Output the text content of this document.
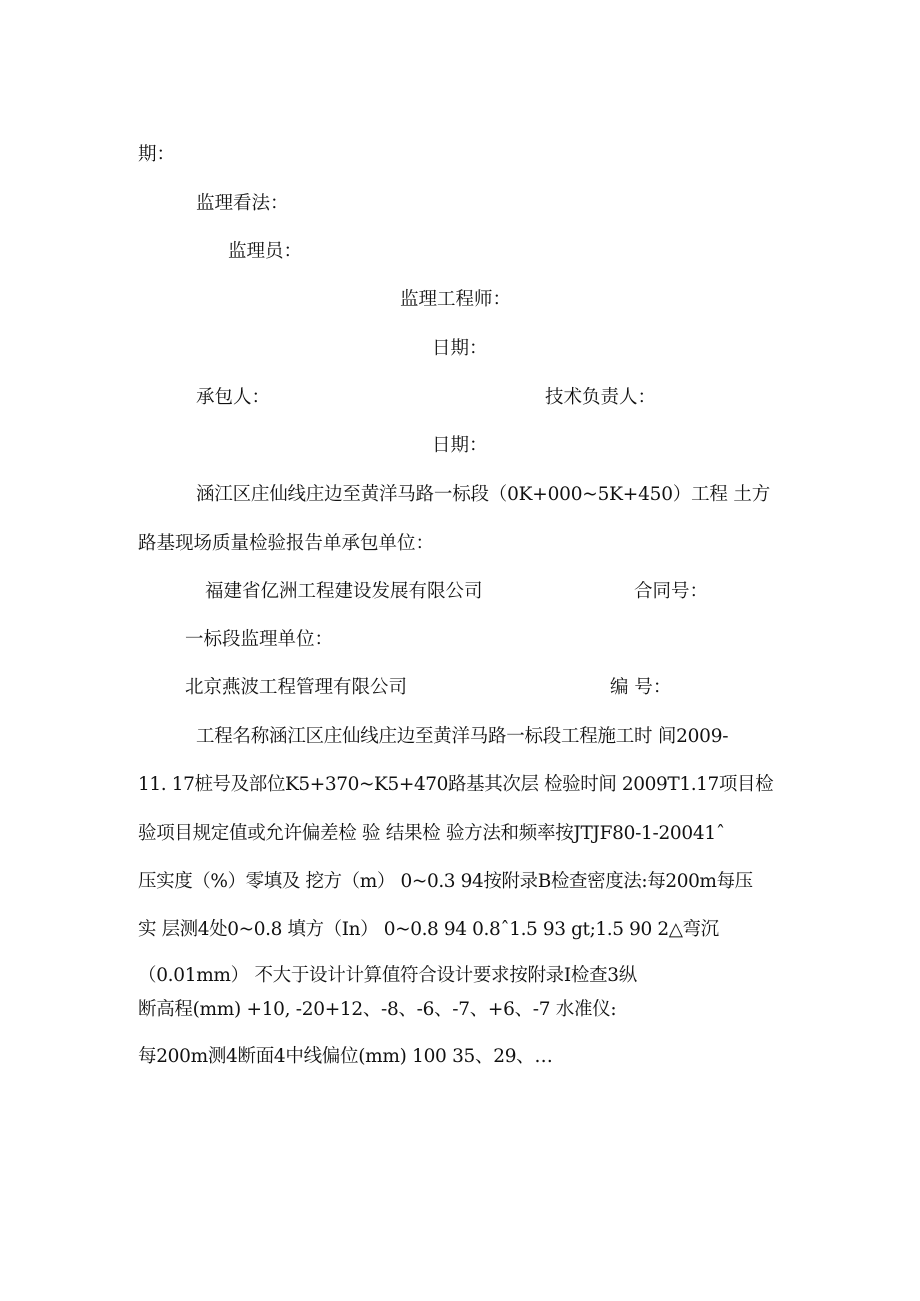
期：
监理看法：
监理员：
监理工程师：
日期：
承包人：	技术负责人：
日期：
涵江区庄仙线庄边至黄洋马路一标段（0K+000~5K+450）工程 土方
路基现场质量检验报告单承包单位：
福建省亿洲工程建设发展有限公司	合同号：
一标段监理单位：
北京燕波工程管理有限公司	编 号：
工程名称涵江区庄仙线庄边至黄洋马路一标段工程施工时 间2009-
11. 17桩号及部位K5+370~K5+470路基其次层 检验时间 2009T1.17项目检
验项目规定值或允许偏差检 验 结果检 验方法和频率按JTJF80-1-20041ˆ
压实度（%）零填及 挖方（m） 0~0.3 94按附录B检查密度法:每200m每压
实 层测4处0~0.8 填方（In） 0~0.8 94 0.8ˆ1.5 93 gt;1.5 90 2△弯沉
（0.01mm） 不大于设计计算值符合设计要求按附录I检查3纵
断高程(mm) +10, -20+12、-8、-6、-7、+6、-7 水准仪:
每200m测4断面4中线偏位(mm) 100 35、29、…
